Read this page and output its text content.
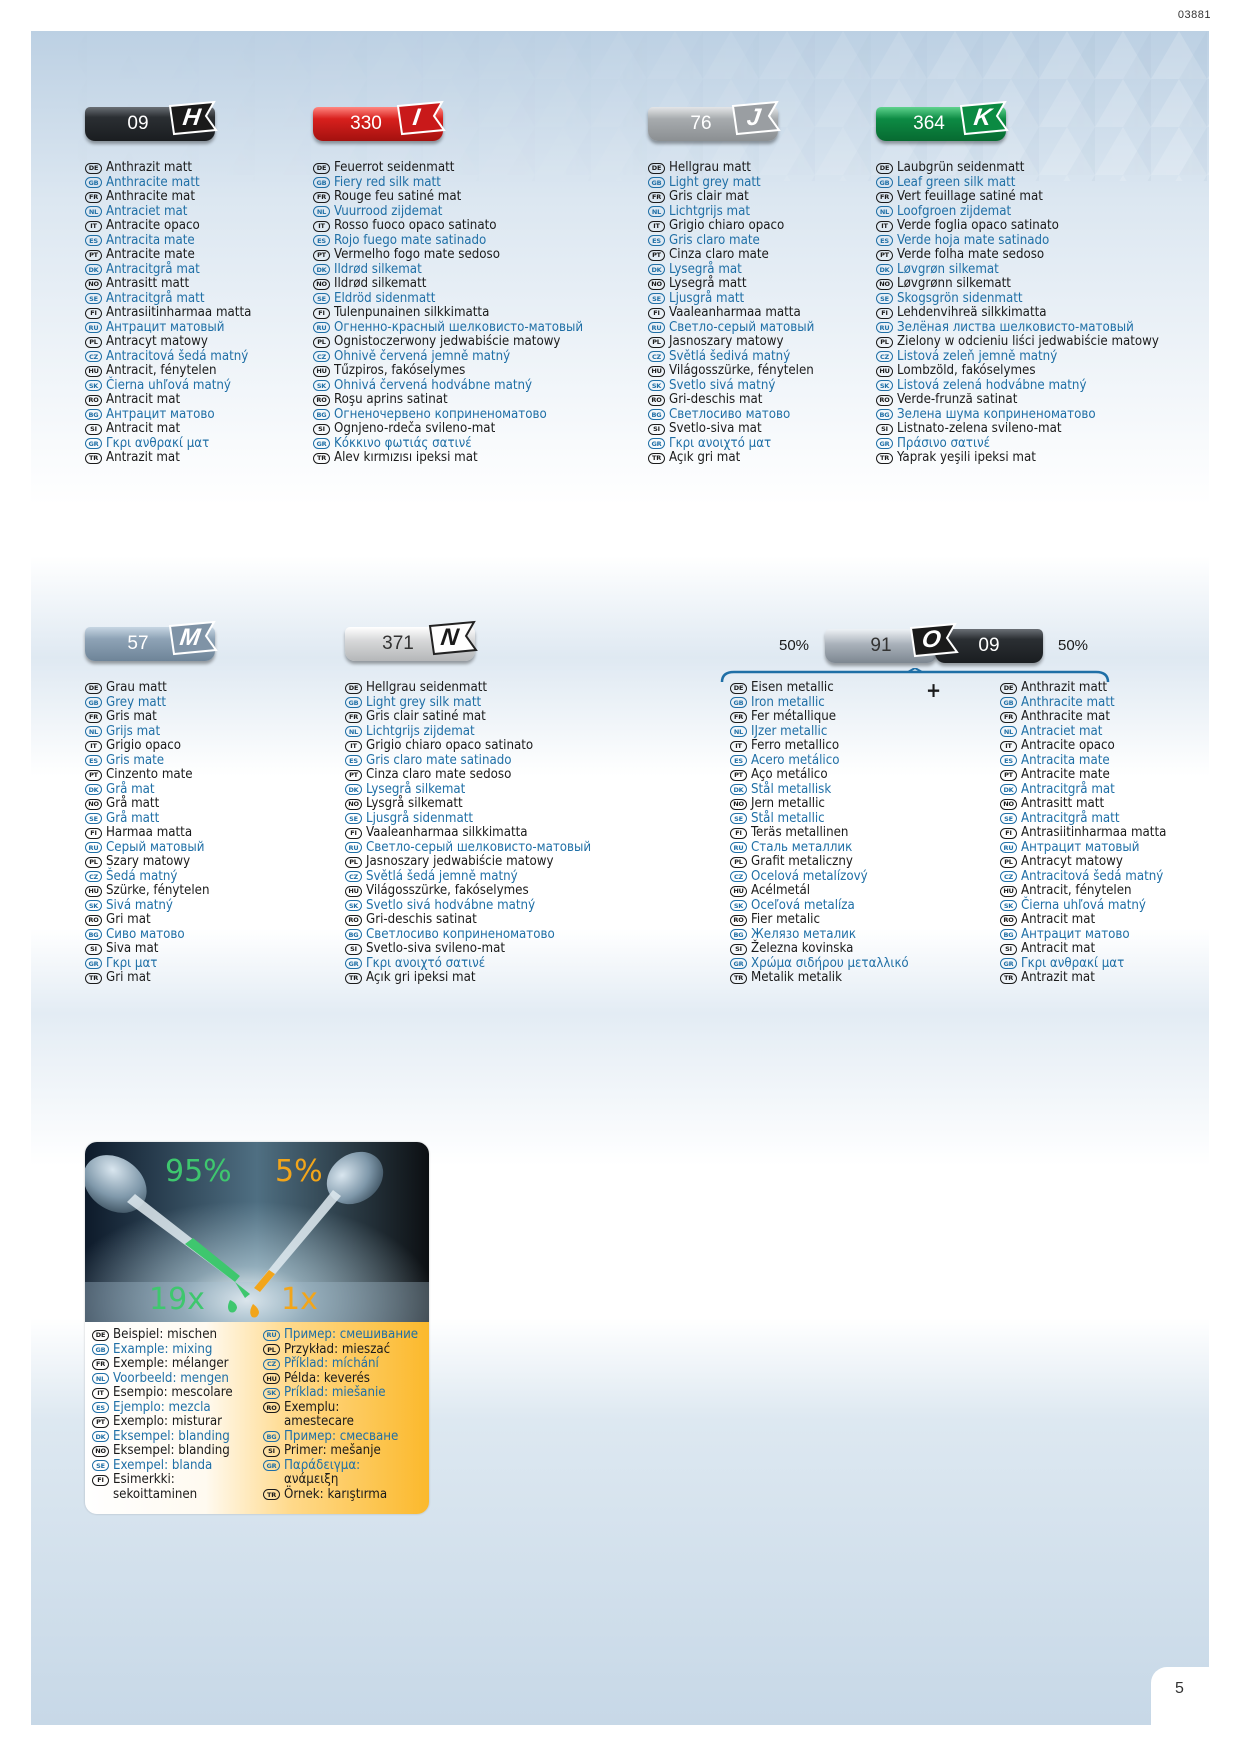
03881
5
09	H
DE Anthrazit matt
GB Anthracite matt
FR Anthracite mat
NL Antraciet mat
IT Antracite opaco
ES Antracita mate
PT Antracite mate
DK Antracitgrå mat
NO Antrasitt matt
SE Antracitgrå matt
FI Antrasiitinharmaa matta
RU Антрацит матовый
PL Antracyt matowy
CZ Antracitová šedá matný
HU Antracit, fénytelen
SK Čierna uhľová matný
RO Antracit mat
BG Антрацит матово
SI Antracit mat
GR Γκρι ανθρακί ματ
TR Antrazit mat
330	I
DE Feuerrot seidenmatt
GB Fiery red silk matt
FR Rouge feu satiné mat
NL Vuurrood zijdemat
IT Rosso fuoco opaco satinato
ES Rojo fuego mate satinado
PT Vermelho fogo mate sedoso
DK Ildrød silkemat
NO Ildrød silkematt
SE Eldröd sidenmatt
FI Tulenpunainen silkkimatta
RU Огненно-красный шелковисто-матовый
PL Ognistoczerwony jedwabiście matowy
CZ Ohnivě červená jemně matný
HU Tűzpiros, fakóselymes
SK Ohnivá červená hodvábne matný
RO Roşu aprins satinat
BG Огненочервено коприненоматово
SI Ognjeno-rdeča svileno-mat
GR Κόκκινο φωτιάς σατινέ
TR Alev kırmızısı ipeksi mat
76	J
DE Hellgrau matt
GB Light grey matt
FR Gris clair mat
NL Lichtgrijs mat
IT Grigio chiaro opaco
ES Gris claro mate
PT Cinza claro mate
DK Lysegrå mat
NO Lysegrå matt
SE Ljusgrå matt
FI Vaaleanharmaa matta
RU Светло-серый матовый
PL Jasnoszary matowy
CZ Světlá šedivá matný
HU Világosszürke, fénytelen
SK Svetlo sivá matný
RO Gri-deschis mat
BG Светлосиво матово
SI Svetlo-siva mat
GR Γκρι ανοιχτό ματ
TR Açık gri mat
364	K
DE Laubgrün seidenmatt
GB Leaf green silk matt
FR Vert feuillage satiné mat
NL Loofgroen zijdemat
IT Verde foglia opaco satinato
ES Verde hoja mate satinado
PT Verde folha mate sedoso
DK Løvgrøn silkemat
NO Løvgrønn silkematt
SE Skogsgrön sidenmatt
FI Lehdenvihreä silkkimatta
RU Зелёная листва шелковисто-матовый
PL Zielony w odcieniu liści jedwabiście matowy
CZ Listová zeleň jemně matný
HU Lombzöld, fakóselymes
SK Listová zelená hodvábne matný
RO Verde-frunză satinat
BG Зелена шума коприненоматово
SI Listnato-zelena svileno-mat
GR Πράσινο σατινέ
TR Yaprak yeşili ipeksi mat
57	M
DE Grau matt
GB Grey matt
FR Gris mat
NL Grijs mat
IT Grigio opaco
ES Gris mate
PT Cinzento mate
DK Grå mat
NO Grå matt
SE Grå matt
FI Harmaa matta
RU Серый матовый
PL Szary matowy
CZ Šedá matný
HU Szürke, fénytelen
SK Sivá matný
RO Gri mat
BG Сиво матово
SI Siva mat
GR Γκρι ματ
TR Gri mat
371	N
DE Hellgrau seidenmatt
GB Light grey silk matt
FR Gris clair satiné mat
NL Lichtgrijs zijdemat
IT Grigio chiaro opaco satinato
ES Gris claro mate satinado
PT Cinza claro mate sedoso
DK Lysegrå silkemat
NO Lysgrå silkematt
SE Ljusgrå sidenmatt
FI Vaaleanharmaa silkkimatta
RU Светло-серый шелковисто-матовый
PL Jasnoszary jedwabiście matowy
CZ Světlá šedá jemně matný
HU Világosszürke, fakóselymes
SK Svetlo sivá hodvábne matný
RO Gri-deschis satinat
BG Светлосиво коприненоматово
SI Svetlo-siva svileno-mat
GR Γκρι ανοιχτό σατινέ
TR Açık gri ipeksi mat
50%	50%
91	09
O
+
DE Eisen metallic
GB Iron metallic
FR Fer métallique
NL IJzer metallic
IT Ferro metallico
ES Acero metálico
PT Aço metálico
DK Stål metallisk
NO Jern metallic
SE Stål metallic
FI Teräs metallinen
RU Сталь металлик
PL Grafit metaliczny
CZ Ocelová metalízový
HU Acélmetál
SK Oceľová metalíza
RO Fier metalic
BG Желязо металик
SI Železna kovinska
GR Χρώμα σιδήρου μεταλλικό
TR Metalik metalik
DE Anthrazit matt
GB Anthracite matt
FR Anthracite mat
NL Antraciet mat
IT Antracite opaco
ES Antracita mate
PT Antracite mate
DK Antracitgrå mat
NO Antrasitt matt
SE Antracitgrå matt
FI Antrasiitinharmaa matta
RU Антрацит матовый
PL Antracyt matowy
CZ Antracitová šedá matný
HU Antracit, fénytelen
SK Čierna uhľová matný
RO Antracit mat
BG Антрацит матово
SI Antracit mat
GR Γκρι ανθρακί ματ
TR Antrazit mat
95% 5%
19x	1x
DE Beispiel: mischen
GB Example: mixing
FR Exemple: mélanger
NL Voorbeeld: mengen
IT Esempio: mescolare
ES Ejemplo: mezcla
PT Exemplo: misturar
DK Eksempel: blanding
NO Eksempel: blanding
SE Exempel: blanda
FI Esimerkki:
sekoittaminen
RU Пример: смешивание
PL Przykład: mieszać
CZ Příklad: míchání
HU Példa: keverés
SK Príklad: miešanie
RO Exemplu:
amestecare
BG Пример: смесване
SI Primer: mešanje
GR Παράδειγμα:
ανάμειξη
TR Örnek: karıştırma
